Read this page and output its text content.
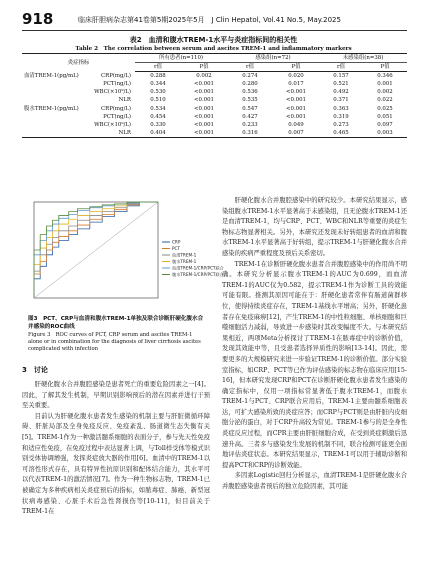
918	临床肝胆病杂志第41卷第5期2025年5月　J Clin Hepatol, Vol.41 No.5, May.2025
表2　血清和腹水TREM-1水平与炎症指标间的相关性
Table 2　The correlation between serum and ascites TREM-1 and inflammatory markers
炎症指标		所有患者(n=110)		感染组(n=72)		未感染组(n=38)	
		r值	P值	r值	P值	r值	P值
血清TREM-1(pg/mL)	CRP(mg/L)	0.288	0.002	0.274	0.020	0.157	0.346
	PCT(ng/L)	0.344	<0.001	0.280	0.017	0.521	0.001
	WBC(×10⁹/L)	0.530	<0.001	0.536	<0.001	0.492	0.002
	NLR	0.510	<0.001	0.535	<0.001	0.371	0.022
腹水TREM-1(pg/mL)	CRP(mg/L)	0.534	<0.001	0.547	<0.001	0.363	0.025
	PCT(ng/L)	0.454	<0.001	0.427	<0.001	0.319	0.051
	WBC(×10⁹/L)	0.330	<0.001	0.233	0.049	0.273	0.097
	NLR	0.404	<0.001	0.316	0.007	0.465	0.003
CRP
PCT
血清TREM-1
腹水TREM-1
血清TREM-1/CRP/PCT联合
腹水TREM-1/CRP/PCT联合
图3　PCT、CRP与血清和腹水TREM-1单独及联合诊断肝硬化腹水合并感染的ROC曲线
Figure 3　ROC curves of PCT, CRP serum and ascites TREM-1 alone or in combination for the diagnosis of liver cirrhosis ascites complicated with infection
3　讨论

肝硬化腹水合并腹腔感染是患者死亡的重要危险因素之一[4]。因此，了解其发生机制，早期识别影响预后的潜在因素并进行干预至关重要。

目前认为肝硬化腹水患者发生感染的机制主要与肝脏微循环障碍、肝脏局部及全身免疫反应、免疫紊乱、肠道微生态失衡有关[5]。TREM-1作为一种激活髓系细胞的表面分子，参与先天性免疫和适应性免疫，在免疫过程中表达显著上调，与Toll样受体等模式识别受体协调增强，发挥炎症放大器的作用[6]。血清中的TREM-1以可溶性形式存在，具有特异性抗原识别和配体结合能力，其水平可以代表TREM-1的激活情况[7]。作为一种生物标志物，TREM-1已被确定为多种疾病相关炎症预后的指标，如脓毒症、肺癌、新型冠状病毒感染、心脏手术后急性肾损伤等[10-11]，但目前关于TREM-1在

肝硬化腹水合并腹腔感染中的研究较少。本研究结果显示，感染组腹水TREM-1水平显著高于未感染组，且无论腹水TREM-1还是血清TREM-1，均与CRP、PCT、WBC和NLR等重要的炎症生物标志物显著相关。另外，本研究还发现未好转组患者的血清和腹水TREM-1水平显著高于好转组，提示TREM-1与肝硬化腹水合并感染的疾病严重程度及预后关系密切。

TREM-1在诊断肝硬化腹水患者合并腹腔感染中的作用尚不明确。本研究分析显示腹水TREM-1的AUC为0.699，而血清TREM-1的AUC仅为0.582，提示TREM-1作为诊断工具的效能可能有限。推测其原因可能在于：肝硬化患者常伴有肠道菌群移位，使得持续炎症存在，TREM-1基线水平增高；另外，肝硬化患者存在免疫麻痹[12]，产生TREM-1的中性粒细胞、单核细胞和巨噬细胞活力减弱，导致进一步感染时其改变幅度不大。与本研究结果相近，两项Meta分析探讨了TREM-1在脓毒症中的诊断价值，发现其效能中等，且受患者选择异质性的影响[13-14]。因此，需要更多的大规模研究来进一步验证TREM-1的诊断价值。部分实验室指标，如CRP、PCT等已作为评估感染的标志物在临床应用[15-16]，但本研究发现CRP和PCT在诊断肝硬化腹水患者发生感染的确定指标中，仅用一项指标常显著低于腹水TREM-1，而腹水TREM-1与PCT、CRP联合应用后，TREM-1主要由髓系细胞表达，可扩大感染所致的炎症应答；而CRP与PCT则是由肝脏内皮细胞分泌的蛋白，对于CRP升高较为常见。TREM-1参与的是全身性炎症反应过程，而CPR主要由肝脏细胞合成，在受到炎症刺激后迅速升高。三者多与感染发生发展的机制不同，联合检测可能更全面地评估炎症状态。本研究结果显示，TREM-1可以用于辅助诊断和提高PCT和CRP的诊断效能。

多因素Logistic回归分析显示，血清TREM-1是肝硬化腹水合并腹腔感染患者预后的独立危险因素，其可能
